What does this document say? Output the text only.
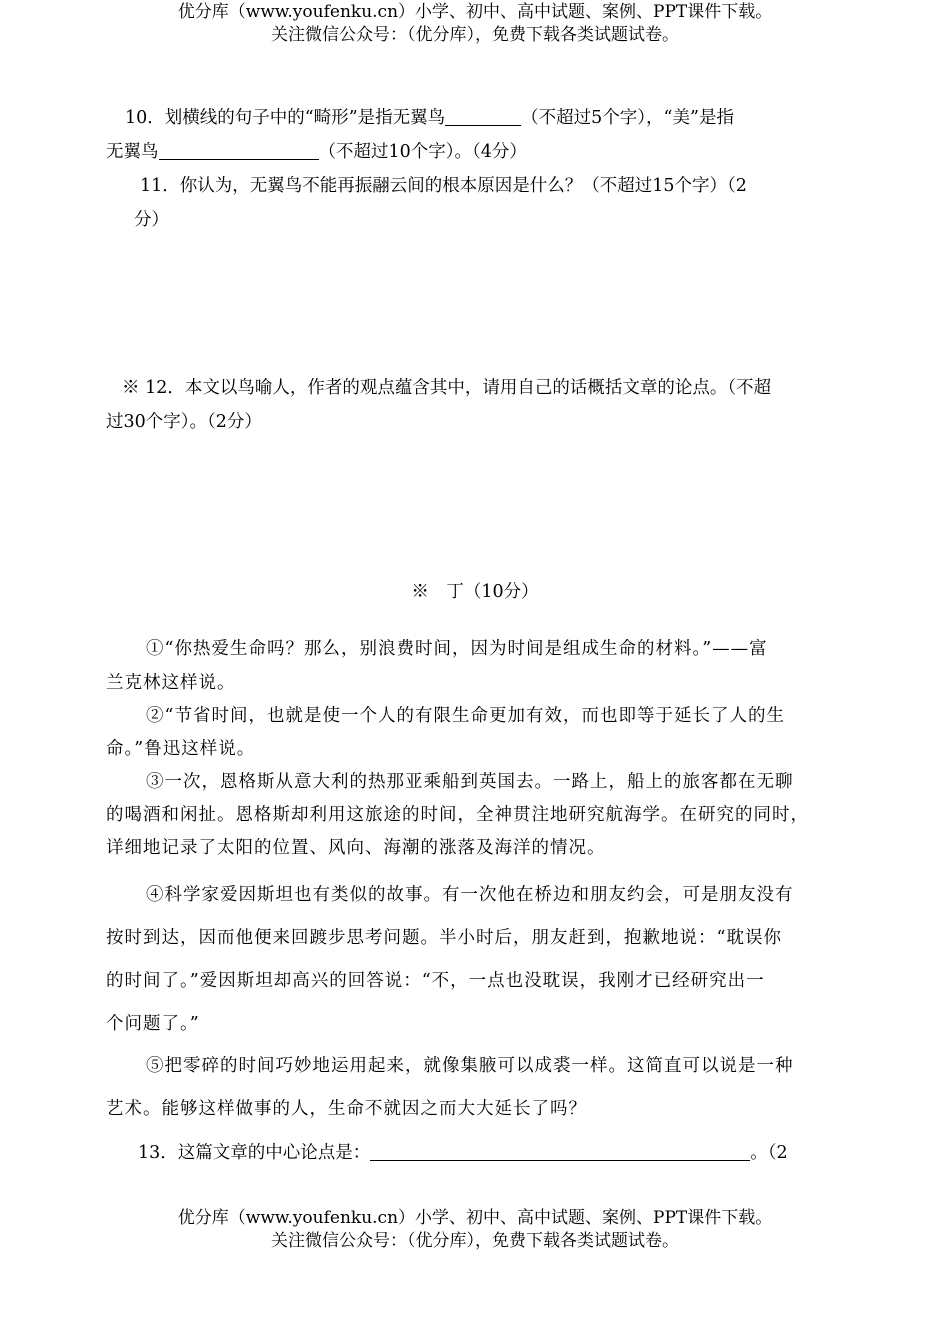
优分库（www.youfenku.cn）小学、初中、高中试题、案例、PPT课件下载。
关注微信公众号：（优分库），免费下载各类试题试卷。
10．划横线的句子中的“畸形”是指无翼鸟	（不超过5个字），“美”是指
无翼鸟	（不超过10个字）。（4分）
11．你认为，无翼鸟不能再振翮云间的根本原因是什么？（不超过15个字）（2
分）
※ 12．本文以鸟喻人，作者的观点蕴含其中，请用自己的话概括文章的论点。（不超
过30个字）。（2分）
※　丁（10分）
①“你热爱生命吗？那么，别浪费时间，因为时间是组成生命的材料。”——富
兰克林这样说。
②“节省时间，也就是使一个人的有限生命更加有效，而也即等于延长了人的生
命。”鲁迅这样说。
③一次，恩格斯从意大利的热那亚乘船到英国去。一路上，船上的旅客都在无聊
的喝酒和闲扯。恩格斯却利用这旅途的时间，全神贯注地研究航海学。在研究的同时，
详细地记录了太阳的位置、风向、海潮的涨落及海洋的情况。
④科学家爱因斯坦也有类似的故事。有一次他在桥边和朋友约会，可是朋友没有
按时到达，因而他便来回踱步思考问题。半小时后，朋友赶到，抱歉地说：“耽误你
的时间了。”爱因斯坦却高兴的回答说：“不，一点也没耽误，我刚才已经研究出一
个问题了。”
⑤把零碎的时间巧妙地运用起来，就像集腋可以成裘一样。这简直可以说是一种
艺术。能够这样做事的人，生命不就因之而大大延长了吗？
13．这篇文章的中心论点是：	。（2
优分库（www.youfenku.cn）小学、初中、高中试题、案例、PPT课件下载。
关注微信公众号：（优分库），免费下载各类试题试卷。
